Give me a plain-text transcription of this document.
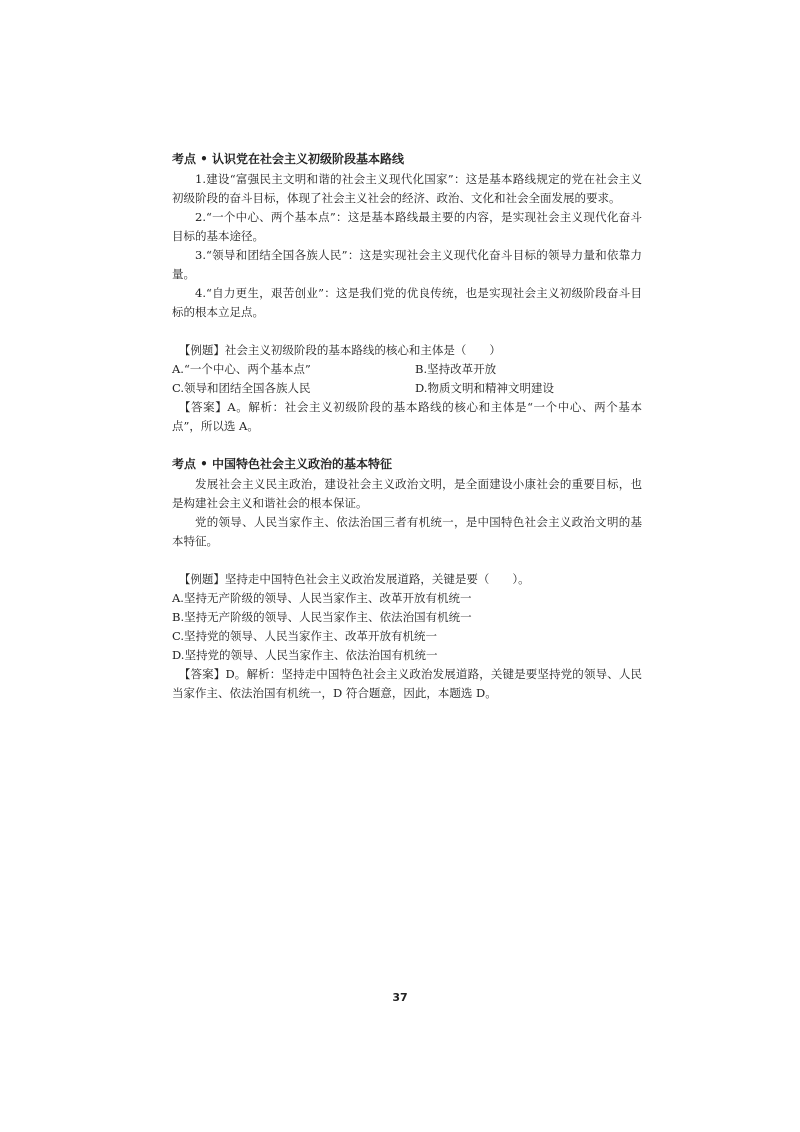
考点 • 认识党在社会主义初级阶段基本路线

1.建设“富强民主文明和谐的社会主义现代化国家”：这是基本路线规定的党在社会主义初级阶段的奋斗目标，体现了社会主义社会的经济、政治、文化和社会全面发展的要求。

2.“一个中心、两个基本点”：这是基本路线最主要的内容，是实现社会主义现代化奋斗目标的基本途径。

3.“领导和团结全国各族人民”：这是实现社会主义现代化奋斗目标的领导力量和依靠力量。

4.“自力更生，艰苦创业”：这是我们党的优良传统，也是实现社会主义初级阶段奋斗目标的根本立足点。

【例题】社会主义初级阶段的基本路线的核心和主体是（　　）

A.“一个中心、两个基本点”	B.坚持改革开放

C.领导和团结全国各族人民	D.物质文明和精神文明建设

【答案】A。解析：社会主义初级阶段的基本路线的核心和主体是“一个中心、两个基本点”，所以选 A。

考点 • 中国特色社会主义政治的基本特征

发展社会主义民主政治，建设社会主义政治文明，是全面建设小康社会的重要目标，也是构建社会主义和谐社会的根本保证。

党的领导、人民当家作主、依法治国三者有机统一，是中国特色社会主义政治文明的基本特征。

【例题】坚持走中国特色社会主义政治发展道路，关键是要（　　）。

A.坚持无产阶级的领导、人民当家作主、改革开放有机统一

B.坚持无产阶级的领导、人民当家作主、依法治国有机统一

C.坚持党的领导、人民当家作主、改革开放有机统一

D.坚持党的领导、人民当家作主、依法治国有机统一

【答案】D。解析：坚持走中国特色社会主义政治发展道路，关键是要坚持党的领导、人民当家作主、依法治国有机统一，D 符合题意，因此，本题选 D。

37
